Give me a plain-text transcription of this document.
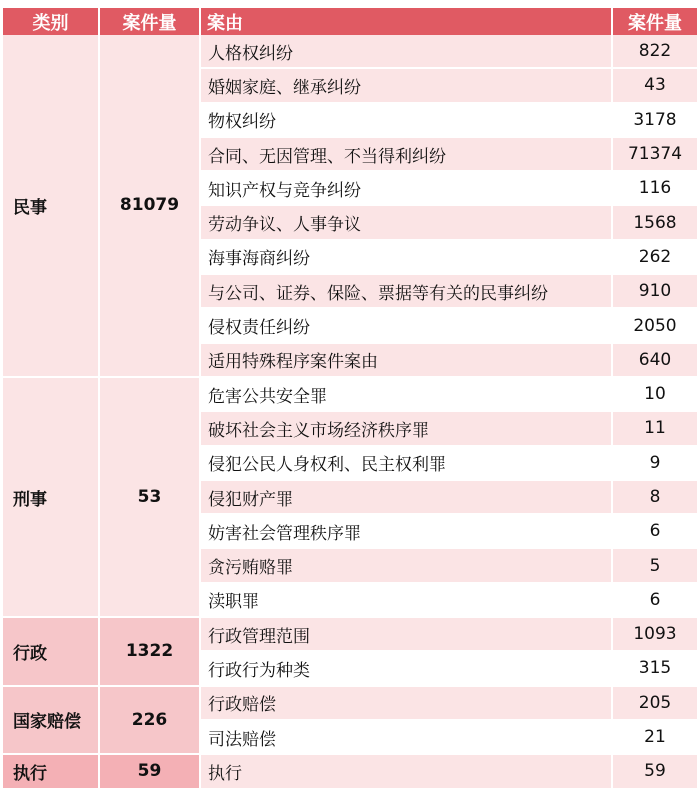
类别	案件量	案由	案件量
民事	81079	人格权纠纷	822
		婚姻家庭、继承纠纷	43
		物权纠纷	3178
		合同、无因管理、不当得利纠纷	71374
		知识产权与竞争纠纷	116
		劳动争议、人事争议	1568
		海事海商纠纷	262
		与公司、证券、保险、票据等有关的民事纠纷	910
		侵权责任纠纷	2050
		适用特殊程序案件案由	640
刑事	53	危害公共安全罪	10
		破坏社会主义市场经济秩序罪	11
		侵犯公民人身权利、民主权利罪	9
		侵犯财产罪	8
		妨害社会管理秩序罪	6
		贪污贿赂罪	5
		渎职罪	6
行政	1322	行政管理范围	1093
		行政行为种类	315
国家赔偿	226	行政赔偿	205
		司法赔偿	21
执行	59	执行	59
